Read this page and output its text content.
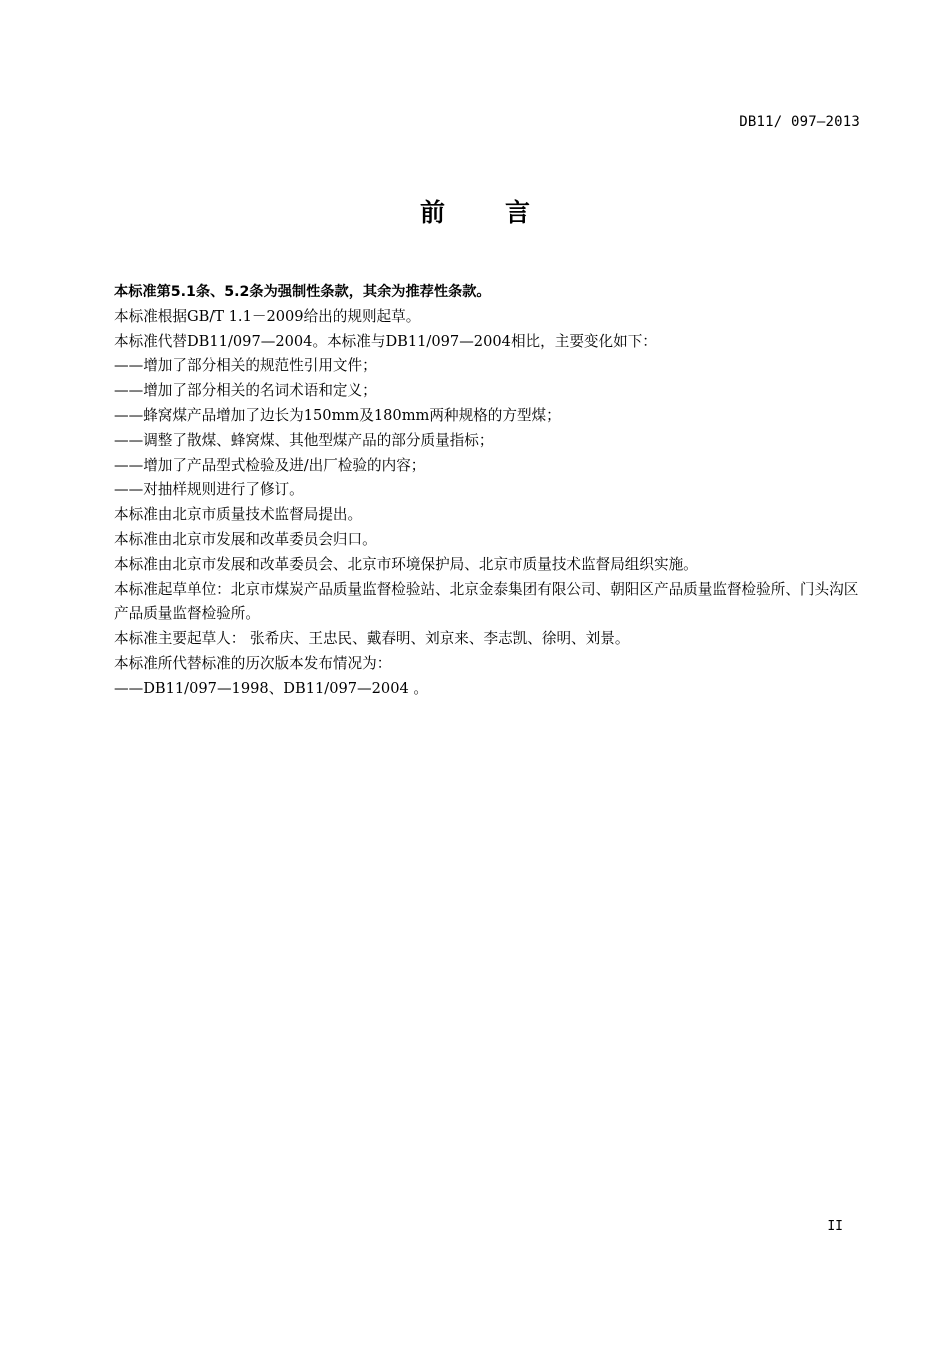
DB11/ 097—2013
前言

本标准第5.1条、5.2条为强制性条款，其余为推荐性条款。

本标准根据GB/T 1.1－2009给出的规则起草。

本标准代替DB11/097—2004。本标准与DB11/097—2004相比，主要变化如下：

——增加了部分相关的规范性引用文件；

——增加了部分相关的名词术语和定义；

——蜂窝煤产品增加了边长为150mm及180mm两种规格的方型煤；

——调整了散煤、蜂窝煤、其他型煤产品的部分质量指标；

——增加了产品型式检验及进/出厂检验的内容；

——对抽样规则进行了修订。

本标准由北京市质量技术监督局提出。

本标准由北京市发展和改革委员会归口。

本标准由北京市发展和改革委员会、北京市环境保护局、北京市质量技术监督局组织实施。

本标准起草单位：北京市煤炭产品质量监督检验站、北京金泰集团有限公司、朝阳区产品质量监督检验所、门头沟区产品质量监督检验所。

本标准主要起草人： 张希庆、王忠民、戴春明、刘京来、李志凯、徐明、刘景。

本标准所代替标准的历次版本发布情况为：

——DB11/097—1998、DB11/097—2004 。

II
